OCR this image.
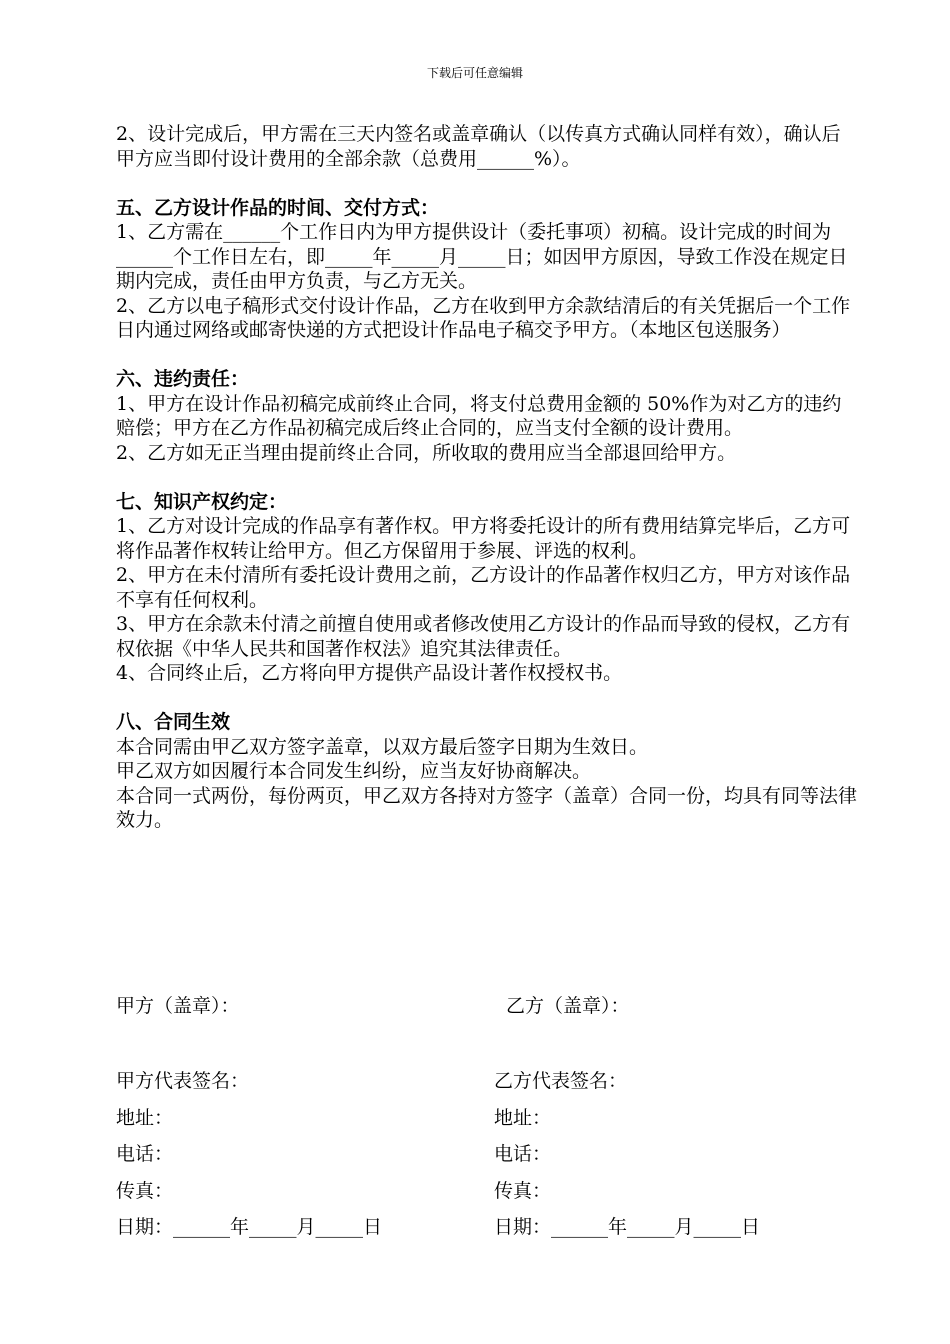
下载后可任意编辑

2、设计完成后，甲方需在三天内签名或盖章确认（以传真方式确认同样有效），确认后甲方应当即付设计费用的全部余款（总费用______%）。

五、乙方设计作品的时间、交付方式：

1、乙方需在______个工作日内为甲方提供设计（委托事项）初稿。设计完成的时间为______个工作日左右，即_____年_____月_____日；如因甲方原因，导致工作没在规定日期内完成，责任由甲方负责，与乙方无关。

2、乙方以电子稿形式交付设计作品，乙方在收到甲方余款结清后的有关凭据后一个工作日内通过网络或邮寄快递的方式把设计作品电子稿交予甲方。（本地区包送服务）

六、违约责任：

1、甲方在设计作品初稿完成前终止合同，将支付总费用金额的 50%作为对乙方的违约赔偿；甲方在乙方作品初稿完成后终止合同的，应当支付全额的设计费用。

2、乙方如无正当理由提前终止合同，所收取的费用应当全部退回给甲方。

七、知识产权约定：

1、乙方对设计完成的作品享有著作权。甲方将委托设计的所有费用结算完毕后，乙方可将作品著作权转让给甲方。但乙方保留用于参展、评选的权利。

2、甲方在未付清所有委托设计费用之前，乙方设计的作品著作权归乙方，甲方对该作品不享有任何权利。

3、甲方在余款未付清之前擅自使用或者修改使用乙方设计的作品而导致的侵权，乙方有权依据《中华人民共和国著作权法》追究其法律责任。

4、合同终止后，乙方将向甲方提供产品设计著作权授权书。

八、合同生效

本合同需由甲乙双方签字盖章，以双方最后签字日期为生效日。

甲乙双方如因履行本合同发生纠纷，应当友好协商解决。

本合同一式两份，每份两页，甲乙双方各持对方签字（盖章）合同一份，均具有同等法律效力。

甲方（盖章）：	乙方（盖章）：
甲方代表签名：	乙方代表签名：
地址：	地址：
电话：	电话：
传真：	传真：
日期：______年_____月_____日	日期：______年_____月_____日
